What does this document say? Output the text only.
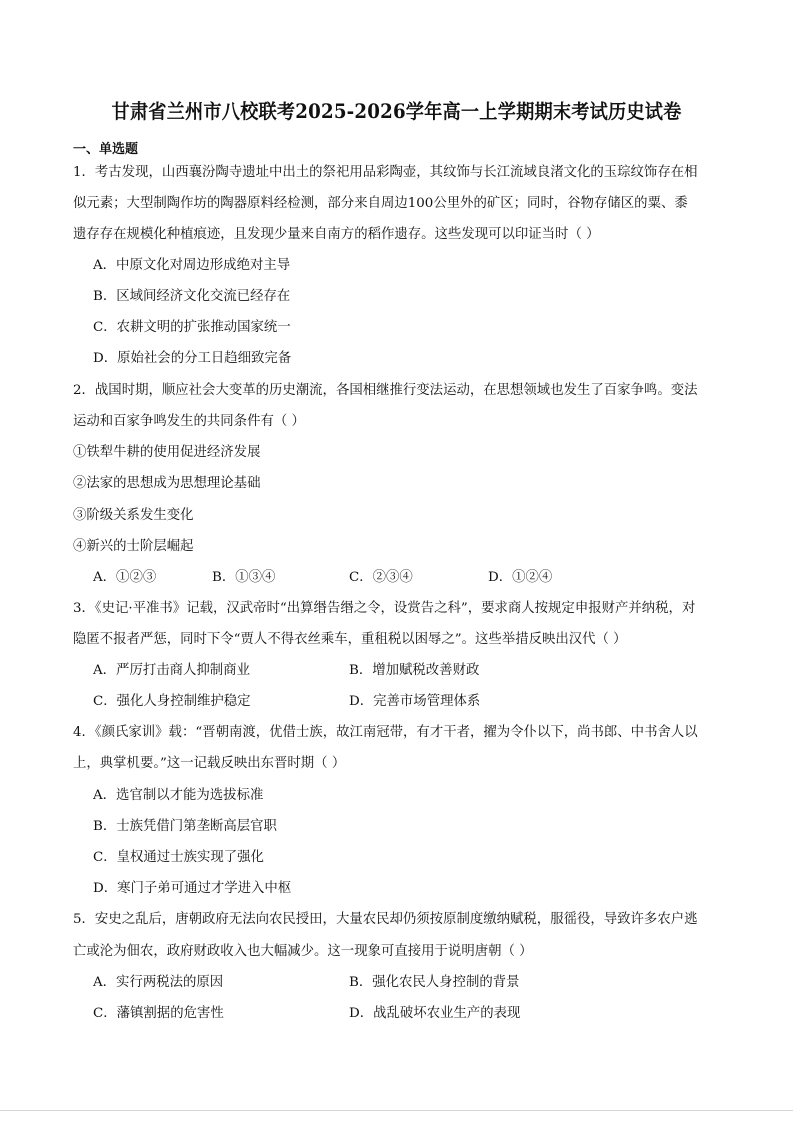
甘肃省兰州市八校联考2025-2026学年高一上学期期末考试历史试卷
一、单选题
1．考古发现，山西襄汾陶寺遗址中出土的祭祀用品彩陶壶，其纹饰与长江流域良渚文化的玉琮纹饰存在相
似元素；大型制陶作坊的陶器原料经检测，部分来自周边100公里外的矿区；同时，谷物存储区的粟、黍
遗存存在规模化种植痕迹，且发现少量来自南方的稻作遗存。这些发现可以印证当时（ ）
A．中原文化对周边形成绝对主导
B．区域间经济文化交流已经存在
C．农耕文明的扩张推动国家统一
D．原始社会的分工日趋细致完备
2．战国时期，顺应社会大变革的历史潮流，各国相继推行变法运动，在思想领域也发生了百家争鸣。变法
运动和百家争鸣发生的共同条件有（ ）
①铁犁牛耕的使用促进经济发展
②法家的思想成为思想理论基础
③阶级关系发生变化
④新兴的士阶层崛起
A．①②③	B．①③④	C．②③④	D．①②④
3．《史记·平准书》记载，汉武帝时“出算缗告缗之令，设赏告之科”，要求商人按规定申报财产并纳税，对
隐匿不报者严惩，同时下令“贾人不得衣丝乘车，重租税以困辱之”。这些举措反映出汉代（ ）
A．严厉打击商人抑制商业	B．增加赋税改善财政
C．强化人身控制维护稳定	D．完善市场管理体系
4．《颜氏家训》载：“晋朝南渡，优借士族，故江南冠带，有才干者，擢为令仆以下，尚书郎、中书舍人以
上，典掌机要。”这一记载反映出东晋时期（ ）
A．选官制以才能为选拔标准
B．士族凭借门第垄断高层官职
C．皇权通过士族实现了强化
D．寒门子弟可通过才学进入中枢
5．安史之乱后，唐朝政府无法向农民授田，大量农民却仍须按原制度缴纳赋税，服徭役，导致许多农户逃
亡或沦为佃农，政府财政收入也大幅减少。这一现象可直接用于说明唐朝（ ）
A．实行两税法的原因	B．强化农民人身控制的背景
C．藩镇割据的危害性	D．战乱破坏农业生产的表现
